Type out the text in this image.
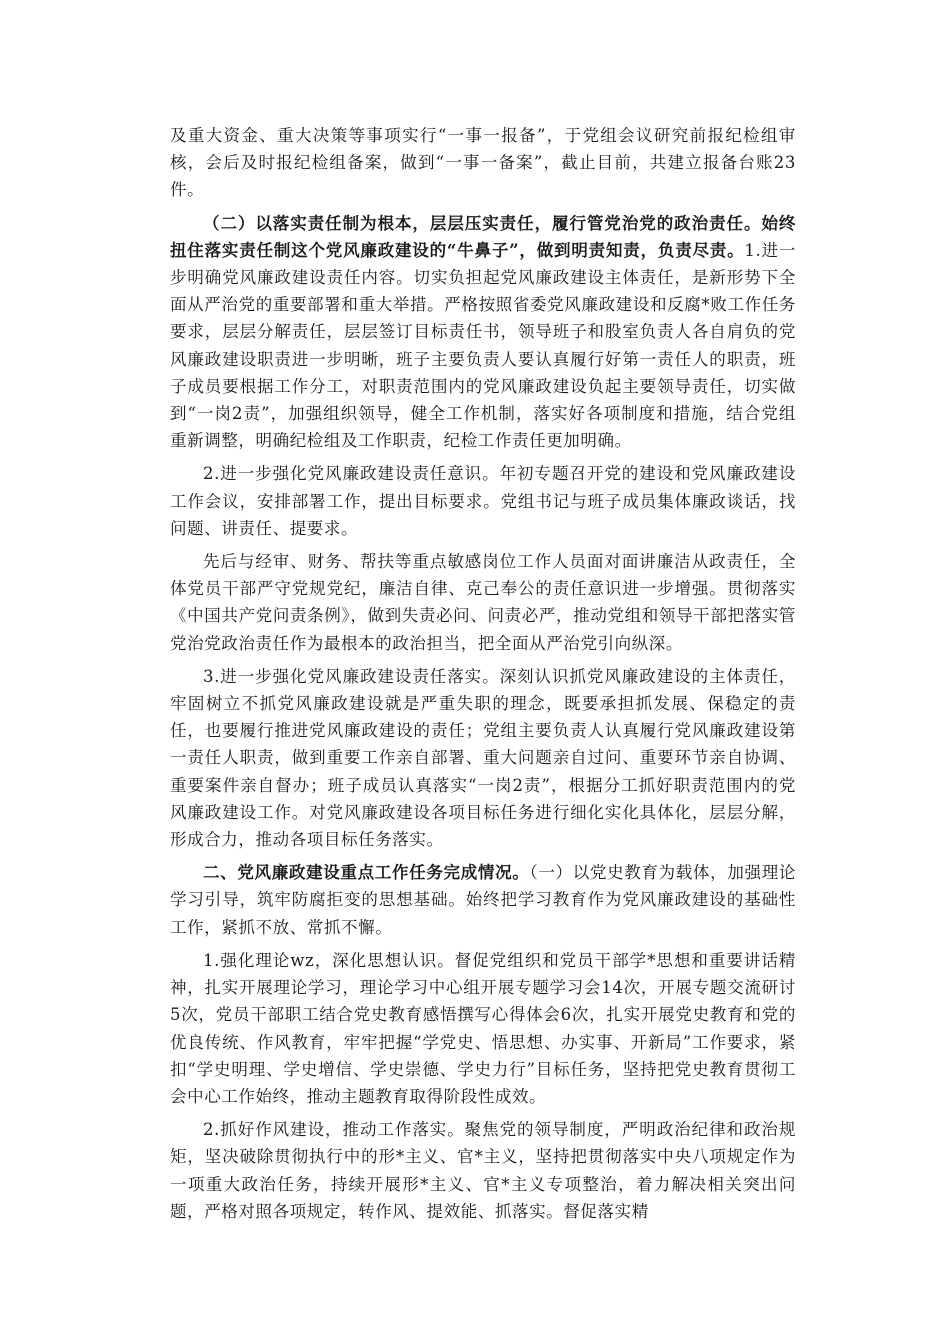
及重大资金、重大决策等事项实行“一事一报备”，于党组会议研究前报纪检组审核，会后及时报纪检组备案，做到“一事一备案”，截止目前，共建立报备台账23件。

（二）以落实责任制为根本，层层压实责任，履行管党治党的政治责任。始终扭住落实责任制这个党风廉政建设的“牛鼻子”，做到明责知责，负责尽责。1.进一步明确党风廉政建设责任内容。切实负担起党风廉政建设主体责任，是新形势下全面从严治党的重要部署和重大举措。严格按照省委党风廉政建设和反腐*败工作任务要求，层层分解责任，层层签订目标责任书，领导班子和股室负责人各自肩负的党风廉政建设职责进一步明晰，班子主要负责人要认真履行好第一责任人的职责，班子成员要根据工作分工，对职责范围内的党风廉政建设负起主要领导责任，切实做到“一岗2责”，加强组织领导，健全工作机制，落实好各项制度和措施，结合党组重新调整，明确纪检组及工作职责，纪检工作责任更加明确。

2.进一步强化党风廉政建设责任意识。年初专题召开党的建设和党风廉政建设工作会议，安排部署工作，提出目标要求。党组书记与班子成员集体廉政谈话，找问题、讲责任、提要求。

先后与经审、财务、帮扶等重点敏感岗位工作人员面对面讲廉洁从政责任，全体党员干部严守党规党纪，廉洁自律、克己奉公的责任意识进一步增强。贯彻落实《中国共产党问责条例》，做到失责必问、问责必严，推动党组和领导干部把落实管党治党政治责任作为最根本的政治担当，把全面从严治党引向纵深。

3.进一步强化党风廉政建设责任落实。深刻认识抓党风廉政建设的主体责任，牢固树立不抓党风廉政建设就是严重失职的理念，既要承担抓发展、保稳定的责任，也要履行推进党风廉政建设的责任；党组主要负责人认真履行党风廉政建设第一责任人职责，做到重要工作亲自部署、重大问题亲自过问、重要环节亲自协调、重要案件亲自督办；班子成员认真落实“一岗2责”，根据分工抓好职责范围内的党风廉政建设工作。对党风廉政建设各项目标任务进行细化实化具体化，层层分解，形成合力，推动各项目标任务落实。

二、党风廉政建设重点工作任务完成情况。（一）以党史教育为载体，加强理论学习引导，筑牢防腐拒变的思想基础。始终把学习教育作为党风廉政建设的基础性工作，紧抓不放、常抓不懈。

1.强化理论wz，深化思想认识。督促党组织和党员干部学*思想和重要讲话精神，扎实开展理论学习，理论学习中心组开展专题学习会14次，开展专题交流研讨5次，党员干部职工结合党史教育感悟撰写心得体会6次，扎实开展党史教育和党的优良传统、作风教育，牢牢把握“学党史、悟思想、办实事、开新局”工作要求，紧扣“学史明理、学史增信、学史崇德、学史力行”目标任务，坚持把党史教育贯彻工会中心工作始终，推动主题教育取得阶段性成效。

2.抓好作风建设，推动工作落实。聚焦党的领导制度，严明政治纪律和政治规矩，坚决破除贯彻执行中的形*主义、官*主义，坚持把贯彻落实中央八项规定作为一项重大政治任务，持续开展形*主义、官*主义专项整治，着力解决相关突出问题，严格对照各项规定，转作风、提效能、抓落实。督促落实精
